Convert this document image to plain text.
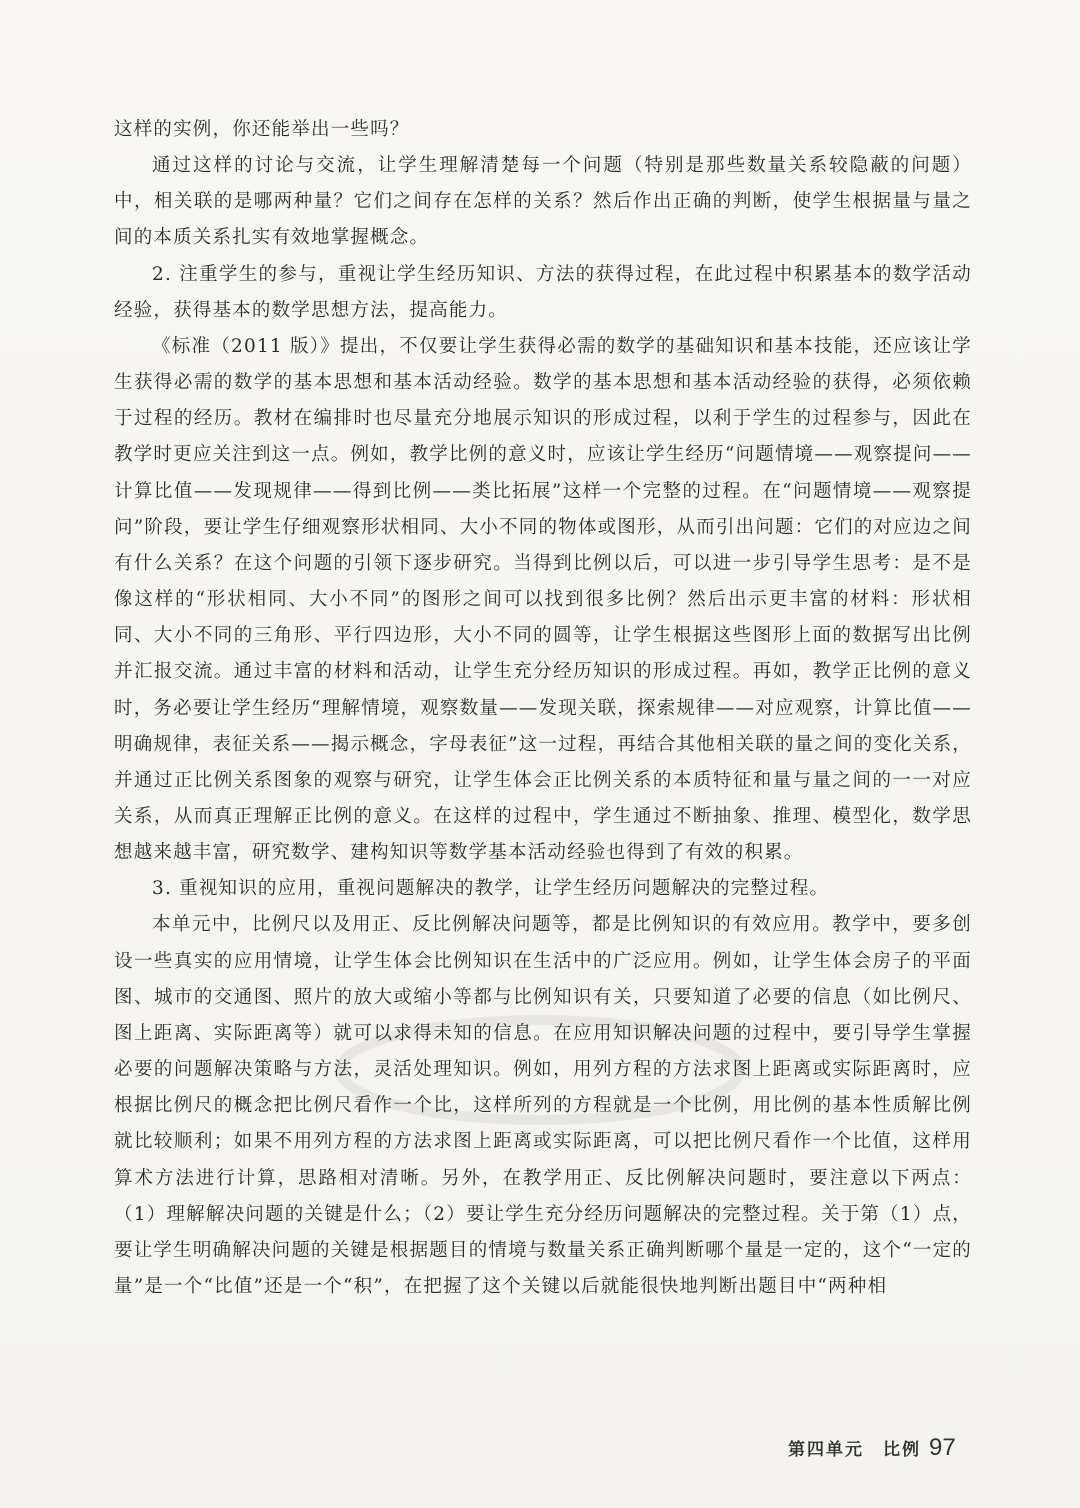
这样的实例，你还能举出一些吗？

通过这样的讨论与交流，让学生理解清楚每一个问题（特别是那些数量关系较隐蔽的问题）中，相关联的是哪两种量？它们之间存在怎样的关系？然后作出正确的判断，使学生根据量与量之间的本质关系扎实有效地掌握概念。

2. 注重学生的参与，重视让学生经历知识、方法的获得过程，在此过程中积累基本的数学活动经验，获得基本的数学思想方法，提高能力。

《标准（2011 版）》提出，不仅要让学生获得必需的数学的基础知识和基本技能，还应该让学生获得必需的数学的基本思想和基本活动经验。数学的基本思想和基本活动经验的获得，必须依赖于过程的经历。教材在编排时也尽量充分地展示知识的形成过程，以利于学生的过程参与，因此在教学时更应关注到这一点。例如，教学比例的意义时，应该让学生经历“问题情境——观察提问——计算比值——发现规律——得到比例——类比拓展”这样一个完整的过程。在“问题情境——观察提问”阶段，要让学生仔细观察形状相同、大小不同的物体或图形，从而引出问题：它们的对应边之间有什么关系？在这个问题的引领下逐步研究。当得到比例以后，可以进一步引导学生思考：是不是像这样的“形状相同、大小不同”的图形之间可以找到很多比例？然后出示更丰富的材料：形状相同、大小不同的三角形、平行四边形，大小不同的圆等，让学生根据这些图形上面的数据写出比例并汇报交流。通过丰富的材料和活动，让学生充分经历知识的形成过程。再如，教学正比例的意义时，务必要让学生经历“理解情境，观察数量——发现关联，探索规律——对应观察，计算比值——明确规律，表征关系——揭示概念，字母表征”这一过程，再结合其他相关联的量之间的变化关系，并通过正比例关系图象的观察与研究，让学生体会正比例关系的本质特征和量与量之间的一一对应关系，从而真正理解正比例的意义。在这样的过程中，学生通过不断抽象、推理、模型化，数学思想越来越丰富，研究数学、建构知识等数学基本活动经验也得到了有效的积累。

3. 重视知识的应用，重视问题解决的教学，让学生经历问题解决的完整过程。

本单元中，比例尺以及用正、反比例解决问题等，都是比例知识的有效应用。教学中，要多创设一些真实的应用情境，让学生体会比例知识在生活中的广泛应用。例如，让学生体会房子的平面图、城市的交通图、照片的放大或缩小等都与比例知识有关，只要知道了必要的信息（如比例尺、图上距离、实际距离等）就可以求得未知的信息。在应用知识解决问题的过程中，要引导学生掌握必要的问题解决策略与方法，灵活处理知识。例如，用列方程的方法求图上距离或实际距离时，应根据比例尺的概念把比例尺看作一个比，这样所列的方程就是一个比例，用比例的基本性质解比例就比较顺利；如果不用列方程的方法求图上距离或实际距离，可以把比例尺看作一个比值，这样用算术方法进行计算，思路相对清晰。另外，在教学用正、反比例解决问题时，要注意以下两点：（1）理解解决问题的关键是什么；（2）要让学生充分经历问题解决的完整过程。关于第（1）点，要让学生明确解决问题的关键是根据题目的情境与数量关系正确判断哪个量是一定的，这个“一定的量”是一个“比值”还是一个“积”，在把握了这个关键以后就能很快地判断出题目中“两种相

第四单元　比例 97
